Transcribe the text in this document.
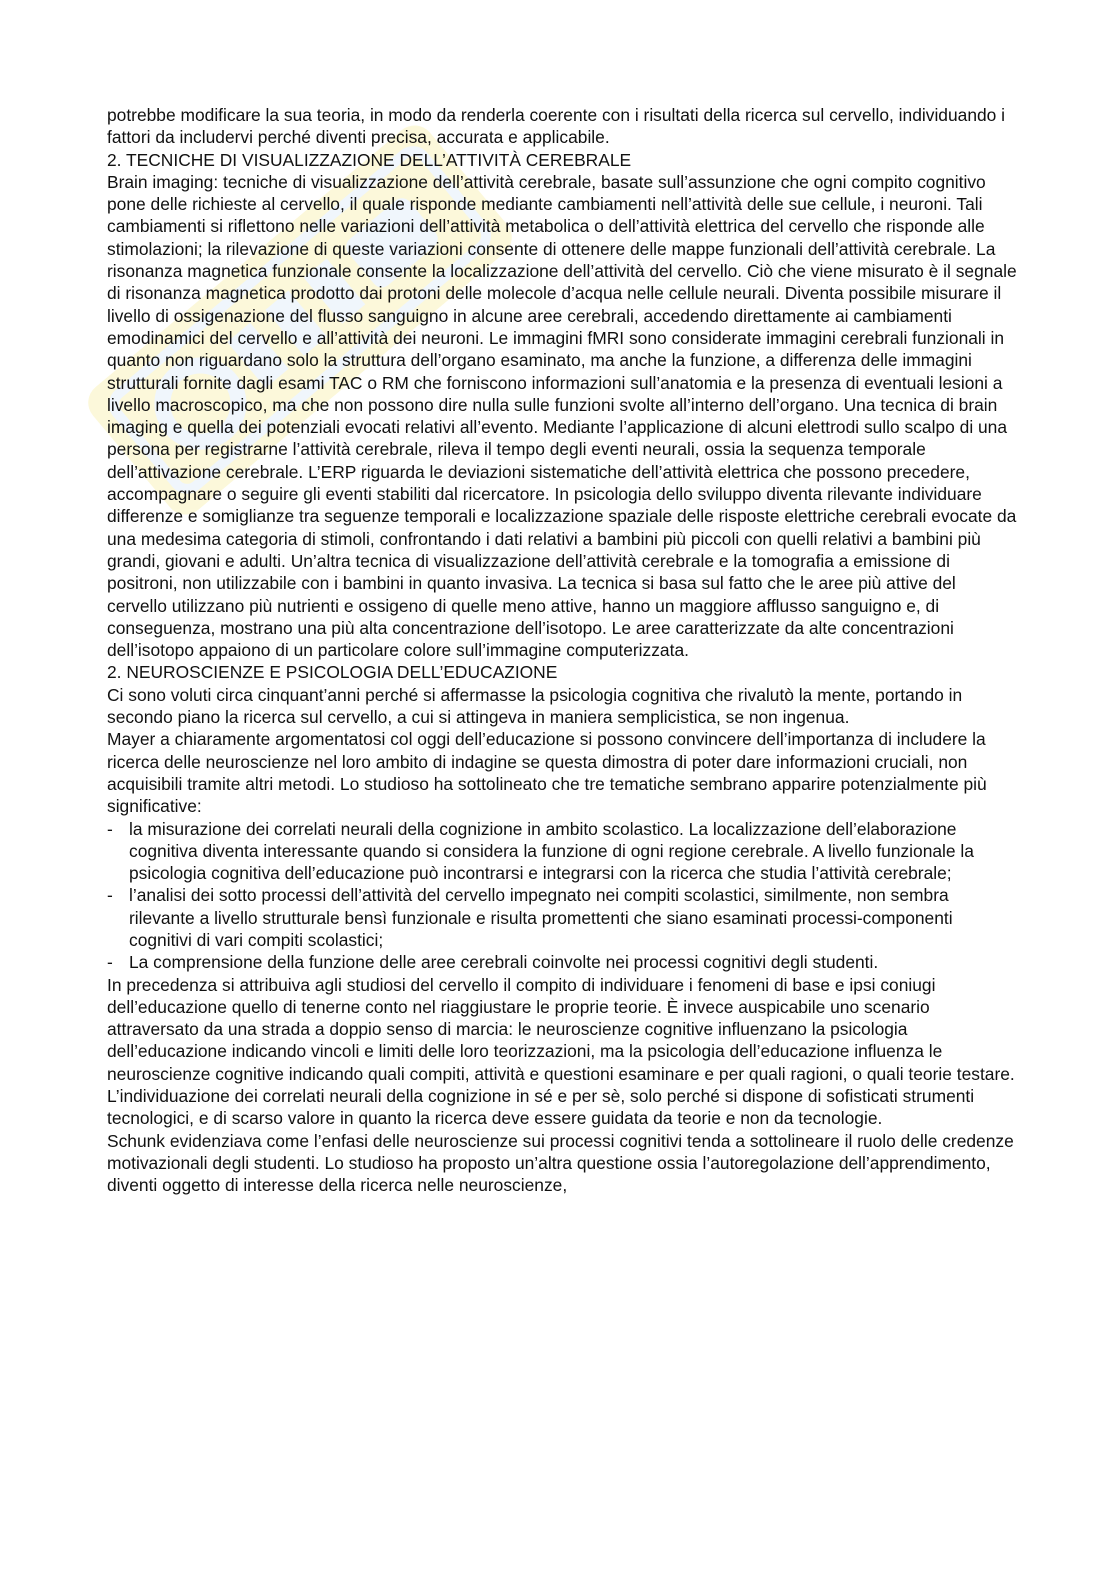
potrebbe modificare la sua teoria, in modo da renderla coerente con i risultati della ricerca sul cervello, individuando i fattori da includervi perché diventi precisa, accurata e applicabile.

2. TECNICHE DI VISUALIZZAZIONE DELL’ATTIVITÀ CEREBRALE

Brain imaging: tecniche di visualizzazione dell’attività cerebrale, basate sull’assunzione che ogni compito cognitivo pone delle richieste al cervello, il quale risponde mediante cambiamenti nell’attività delle sue cellule, i neuroni. Tali cambiamenti si riflettono nelle variazioni dell’attività metabolica o dell’attività elettrica del cervello che risponde alle stimolazioni; la rilevazione di queste variazioni consente di ottenere delle mappe funzionali dell’attività cerebrale. La risonanza magnetica funzionale consente la localizzazione dell’attività del cervello. Ciò che viene misurato è il segnale di risonanza magnetica prodotto dai protoni delle molecole d’acqua nelle cellule neurali. Diventa possibile misurare il livello di ossigenazione del flusso sanguigno in alcune aree cerebrali, accedendo direttamente ai cambiamenti emodinamici del cervello e all’attività dei neuroni. Le immagini fMRI sono considerate immagini cerebrali funzionali in quanto non riguardano solo la struttura dell’organo esaminato, ma anche la funzione, a differenza delle immagini strutturali fornite dagli esami TAC o RM che forniscono informazioni sull’anatomia e la presenza di eventuali lesioni a livello macroscopico, ma che non possono dire nulla sulle funzioni svolte all’interno dell’organo. Una tecnica di brain imaging e quella dei potenziali evocati relativi all’evento. Mediante l’applicazione di alcuni elettrodi sullo scalpo di una persona per registrarne l’attività cerebrale, rileva il tempo degli eventi neurali, ossia la sequenza temporale dell’attivazione cerebrale. L’ERP riguarda le deviazioni sistematiche dell’attività elettrica che possono precedere, accompagnare o seguire gli eventi stabiliti dal ricercatore. In psicologia dello sviluppo diventa rilevante individuare differenze e somiglianze tra seguenze temporali e localizzazione spaziale delle risposte elettriche cerebrali evocate da una medesima categoria di stimoli, confrontando i dati relativi a bambini più piccoli con quelli relativi a bambini più grandi, giovani e adulti. Un’altra tecnica di visualizzazione dell’attività cerebrale e la tomografia a emissione di positroni, non utilizzabile con i bambini in quanto invasiva. La tecnica si basa sul fatto che le aree più attive del cervello utilizzano più nutrienti e ossigeno di quelle meno attive, hanno un maggiore afflusso sanguigno e, di conseguenza, mostrano una più alta concentrazione dell’isotopo. Le aree caratterizzate da alte concentrazioni dell’isotopo appaiono di un particolare colore sull’immagine computerizzata.

2. NEUROSCIENZE E PSICOLOGIA DELL’EDUCAZIONE

Ci sono voluti circa cinquant’anni perché si affermasse la psicologia cognitiva che rivalutò la mente, portando in secondo piano la ricerca sul cervello, a cui si attingeva in maniera semplicistica, se non ingenua.

Mayer a chiaramente argomentatosi col oggi dell’educazione si possono convincere dell’importanza di includere la ricerca delle neuroscienze nel loro ambito di indagine se questa dimostra di poter dare informazioni cruciali, non acquisibili tramite altri metodi. Lo studioso ha sottolineato che tre tematiche sembrano apparire potenzialmente più significative:

- la misurazione dei correlati neurali della cognizione in ambito scolastico. La localizzazione dell’elaborazione cognitiva diventa interessante quando si considera la funzione di ogni regione cerebrale. A livello funzionale la psicologia cognitiva dell’educazione può incontrarsi e integrarsi con la ricerca che studia l’attività cerebrale;
- l’analisi dei sotto processi dell’attività del cervello impegnato nei compiti scolastici, similmente, non sembra rilevante a livello strutturale bensì funzionale e risulta promettenti che siano esaminati processi-componenti cognitivi di vari compiti scolastici;
- La comprensione della funzione delle aree cerebrali coinvolte nei processi cognitivi degli studenti.

In precedenza si attribuiva agli studiosi del cervello il compito di individuare i fenomeni di base e ipsi coniugi dell’educazione quello di tenerne conto nel riaggiustare le proprie teorie. È invece auspicabile uno scenario attraversato da una strada a doppio senso di marcia: le neuroscienze cognitive influenzano la psicologia dell’educazione indicando vincoli e limiti delle loro teorizzazioni, ma la psicologia dell’educazione influenza le neuroscienze cognitive indicando quali compiti, attività e questioni esaminare e per quali ragioni, o quali teorie testare. L’individuazione dei correlati neurali della cognizione in sé e per sè, solo perché si dispone di sofisticati strumenti tecnologici, e di scarso valore in quanto la ricerca deve essere guidata da teorie e non da tecnologie.

Schunk evidenziava come l’enfasi delle neuroscienze sui processi cognitivi tenda a sottolineare il ruolo delle credenze motivazionali degli studenti. Lo studioso ha proposto un’altra questione ossia l’autoregolazione dell’apprendimento, diventi oggetto di interesse della ricerca nelle neuroscienze,
